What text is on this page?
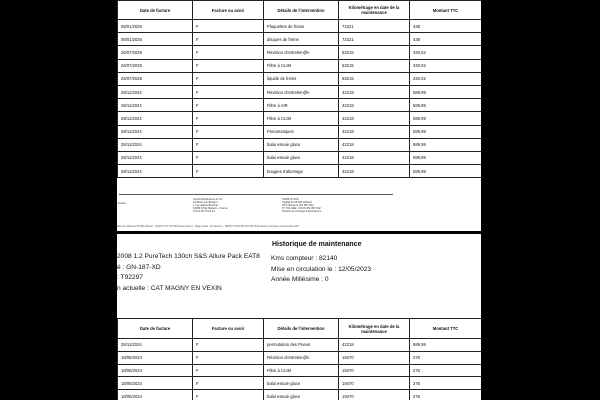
Date de facture	Facture ou avoir	Détails de l'intervention	Kilométrage en date de la maintenance	Montant TTC
08/01/2026	F	Plaquettes de freins	72321	438
08/01/2026	F	disques de freins	72321	438
26/07/2025	F	Révision d'entretien(fin	63215	340,02
26/07/2025	F	Filtre à CLIM	63215	340,02
26/07/2025	F	liquide de freins	63215	340,02
28/11/2024	F	Révision d'entretien(fin	42218	589,99
28/11/2024	F	Filtre à AIR	42218	589,99
28/11/2024	F	Filtre à CLIM	42218	589,99
28/11/2024	F	Pneumatiques	42218	589,99
28/11/2024	F	balai essuie glace	42218	589,99
28/11/2024	F	balai essuie glace	42218	589,99
28/11/2024	F	bougies d'allumage	42218	589,99
France
Centre Restitutions et VO
ZA Butte aux Bergers
1 rue Hélène Boucher
91080 Chilly-Mazarin - France
Tél 01 69 79 23 23
TEMSYS SAS
Capital de 88 000 435 Eur.
RCS Nanterre 351 867 692
N° TVA CEE : FR 06 351 867 692
Société de courtage d'assurances
SAS au capital de 88 000 435 Eur - ORIAS n°07 001 835 (www.orias.fr) - Siège social : 92 Nanterre - TEMSYS SAS 351 867 692 RCS Nanterre (marque commerciale d'AC
Historique de maintenance
2008 1.2 PureTech 130ch S&S Allure Pack EAT8
é : GN-187-XD
: T92297
n actuelle : CAT MAGNY EN VEXIN
Kms compteur : 82140
Mise en circulation le : 12/05/2023
Année Millésime : 0
Date de facture	Facture ou avoir	Détails de l'intervention	Kilométrage en date de la maintenance	Montant TTC
28/11/2024	F	permutation des Pneus	42218	589,99
18/05/2024	F	Révision d'entretien(fin	19470	276
18/05/2024	F	Filtre à CLIM	19470	276
18/05/2024	F	balai essuie glace	19470	276
18/05/2024	F	balai essuie glace	19470	276
